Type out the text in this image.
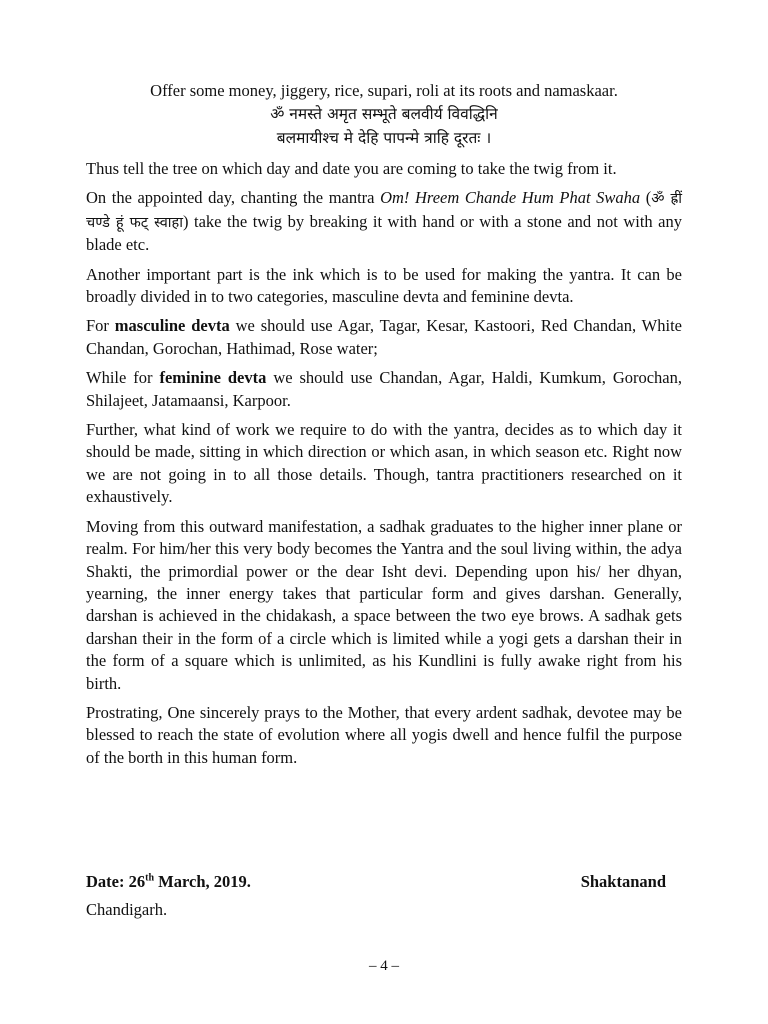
Offer some money, jiggery, rice, supari, roli at its roots and namaskaar.

ॐ नमस्ते अमृत सम्भूते बलवीर्य विवद्धिनि

बलमायीश्च मे देहि पापन्मे त्राहि दूरतः ।

Thus tell the tree on which day and date you are coming to take the twig from it.

On the appointed day, chanting the mantra Om! Hreem Chande Hum Phat Swaha (ॐ ह्रीं चण्डे हूं फट् स्वाहा) take the twig by breaking it with hand or with a stone and not with any blade etc.

Another important part is the ink which is to be used for making the yantra. It can be broadly divided in to two categories, masculine devta and feminine devta.

For masculine devta we should use Agar, Tagar, Kesar, Kastoori, Red Chandan, White Chandan, Gorochan, Hathimad, Rose water;

While for feminine devta we should use Chandan, Agar, Haldi, Kumkum, Gorochan, Shilajeet, Jatamaansi, Karpoor.

Further, what kind of work we require to do with the yantra, decides as to which day it should be made, sitting in which direction or which asan, in which season etc. Right now we are not going in to all those details. Though, tantra practitioners researched on it exhaustively.

Moving from this outward manifestation, a sadhak graduates to the higher inner plane or realm. For him/her this very body becomes the Yantra and the soul living within, the adya Shakti, the primordial power or the dear Isht devi. Depending upon his/ her dhyan, yearning, the inner energy takes that particular form and gives darshan. Generally, darshan is achieved in the chidakash, a space between the two eye brows. A sadhak gets darshan their in the form of a circle which is limited while a yogi gets a darshan their in the form of a square which is unlimited, as his Kundlini is fully awake right from his birth.

Prostrating, One sincerely prays to the Mother, that every ardent sadhak, devotee may be blessed to reach the state of evolution where all yogis dwell and hence fulfil the purpose of the borth in this human form.

Date: 26th March, 2019.	Shaktanand
Chandigarh.
– 4 –
